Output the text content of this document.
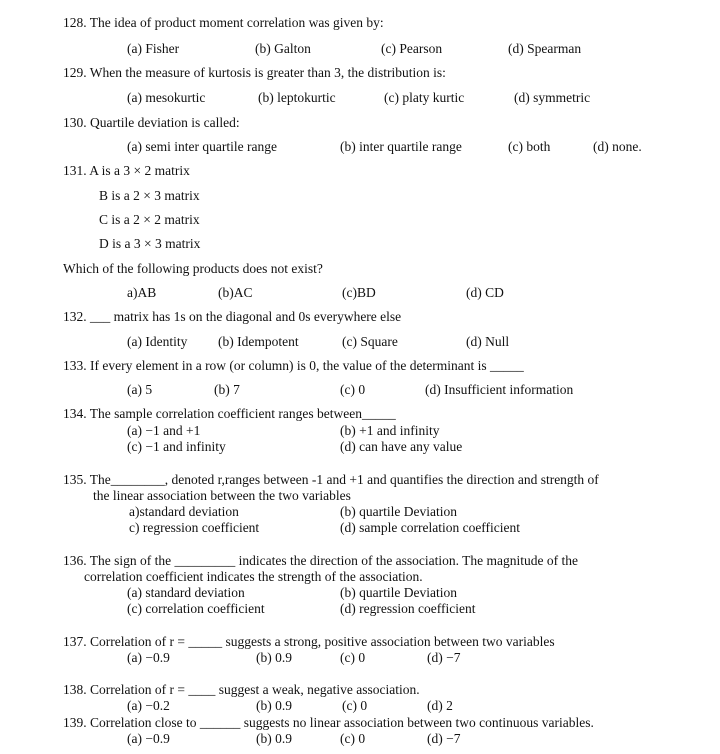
128. The idea of product moment correlation was given by:
(a) Fisher	(b) Galton	(c) Pearson	(d) Spearman
129. When the measure of kurtosis is greater than 3, the distribution is:
(a) mesokurtic	(b) leptokurtic	(c) platy kurtic	(d) symmetric
130. Quartile deviation is called:
(a) semi inter quartile range	(b) inter quartile range	(c) both	(d) none.
131. A is a 3 × 2 matrix
B is a 2 × 3 matrix
C is a 2 × 2 matrix
D is a 3 × 3 matrix
Which of the following products does not exist?
a)AB	(b)AC	(c)BD	(d) CD
132. ___ matrix has 1s on the diagonal and 0s everywhere else
(a) Identity (b) Idempotent	(c) Square	(d) Null
133. If every element in a row (or column) is 0, the value of the determinant is _____
(a) 5	(b) 7	(c) 0	(d) Insufficient information
134. The sample correlation coefficient ranges between_____
(a) −1 and +1	(b) +1 and infinity
(c) −1 and infinity	(d) can have any value
135. The________, denoted r,ranges between -1 and +1 and quantifies the direction and strength of
the linear association between the two variables
a)standard deviation	(b) quartile Deviation
c) regression coefficient	(d) sample correlation coefficient
136. The sign of the _________ indicates the direction of the association. The magnitude of the
correlation coefficient indicates the strength of the association.
(a) standard deviation	(b) quartile Deviation
(c) correlation coefficient	(d) regression coefficient
137. Correlation of r = _____ suggests a strong, positive association between two variables
(a) −0.9	(b) 0.9	(c) 0	(d) −7
138. Correlation of r = ____ suggest a weak, negative association.
(a) −0.2	(b) 0.9	(c) 0	(d) 2
139. Correlation close to ______ suggests no linear association between two continuous variables.
(a) −0.9	(b) 0.9	(c) 0	(d) −7
